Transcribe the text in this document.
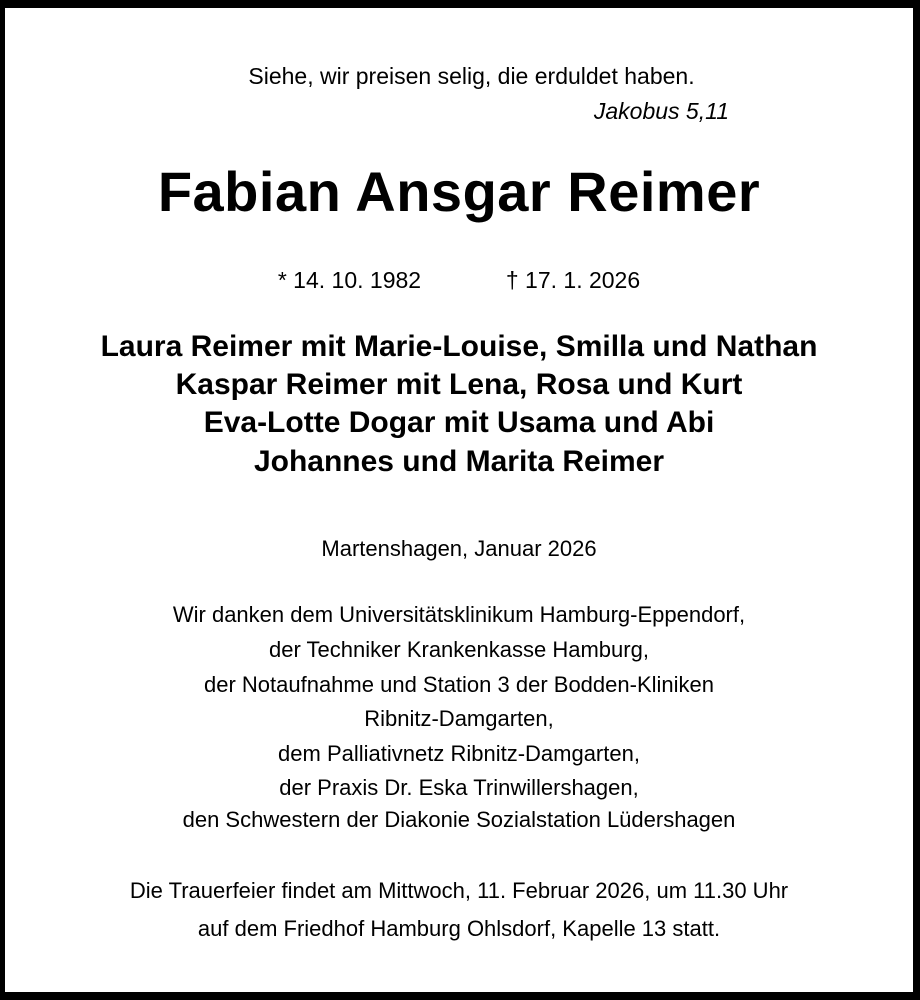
Siehe, wir preisen selig, die erduldet haben.
Jakobus 5,11
Fabian Ansgar Reimer
* 14. 10. 1982	† 17. 1. 2026
Laura Reimer mit Marie-Louise, Smilla und Nathan
Kaspar Reimer mit Lena, Rosa und Kurt
Eva-Lotte Dogar mit Usama und Abi
Johannes und Marita Reimer
Martenshagen, Januar 2026
Wir danken dem Universitätsklinikum Hamburg-Eppendorf,
der Techniker Krankenkasse Hamburg,
der Notaufnahme und Station 3 der Bodden-Kliniken
Ribnitz-Damgarten,
dem Palliativnetz Ribnitz-Damgarten,
der Praxis Dr. Eska Trinwillershagen,
den Schwestern der Diakonie Sozialstation Lüdershagen
Die Trauerfeier findet am Mittwoch, 11. Februar 2026, um 11.30 Uhr
auf dem Friedhof Hamburg Ohlsdorf, Kapelle 13 statt.
